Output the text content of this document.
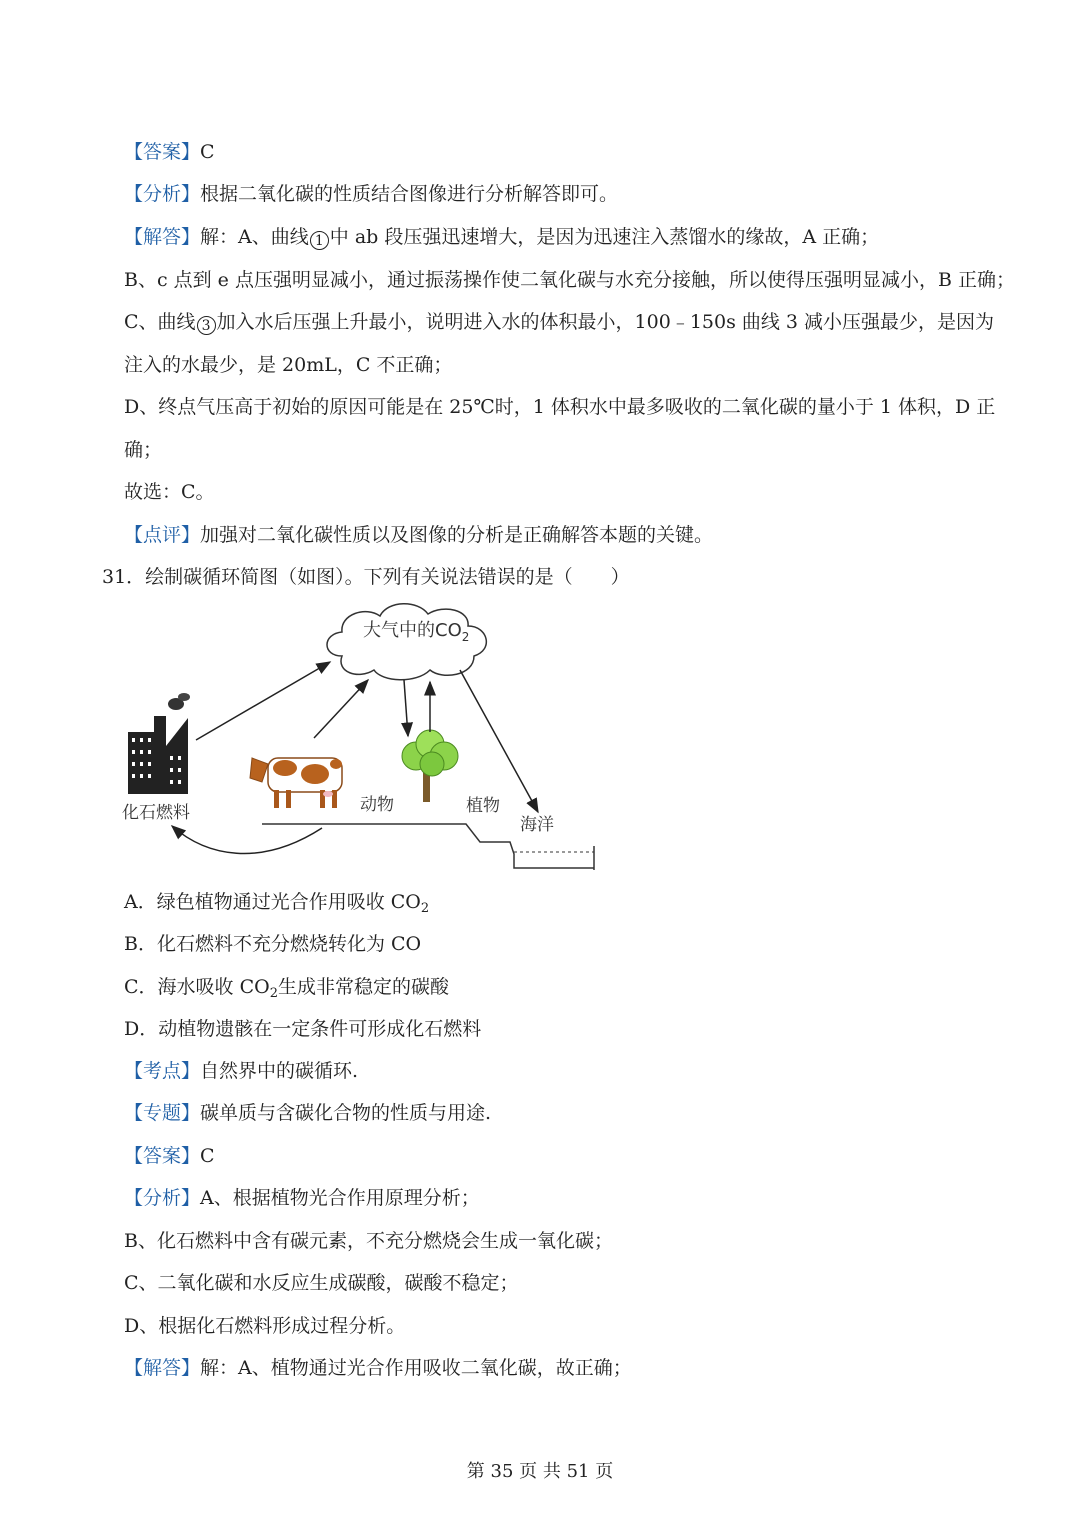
【答案】C
【分析】根据二氧化碳的性质结合图像进行分析解答即可。
【解答】解：A、曲线 1 中 ab 段压强迅速增大，是因为迅速注入蒸馏水的缘故，A 正确；
B、c 点到 e 点压强明显减小，通过振荡操作使二氧化碳与水充分接触，所以使得压强明显减小，B 正确；
C、曲线 3 加入水后压强上升最小，说明进入水的体积最小，100﹣150s 曲线 3 减小压强最少，是因为
注入的水最少，是 20mL，C 不正确；
D、终点气压高于初始的原因可能是在 25℃时，1 体积水中最多吸收的二氧化碳的量小于 1 体积，D 正
确；
故选：C。
【点评】加强对二氧化碳性质以及图像的分析是正确解答本题的关键。
31．绘制碳循环简图（如图）。下列有关说法错误的是（　　）
大气中的$CO_2$
化石燃料	动物	植物
海洋
A．绿色植物通过光合作用吸收 $CO_2$
B．化石燃料不充分燃烧转化为 CO
C．海水吸收 $CO_2$生成非常稳定的碳酸
D．动植物遗骸在一定条件可形成化石燃料
【考点】自然界中的碳循环.
【专题】碳单质与含碳化合物的性质与用途.
【答案】C
【分析】A、根据植物光合作用原理分析；
B、化石燃料中含有碳元素，不充分燃烧会生成一氧化碳；
C、二氧化碳和水反应生成碳酸，碳酸不稳定；
D、根据化石燃料形成过程分析。
【解答】解：A、植物通过光合作用吸收二氧化碳，故正确；
第 35 页 共 51 页
